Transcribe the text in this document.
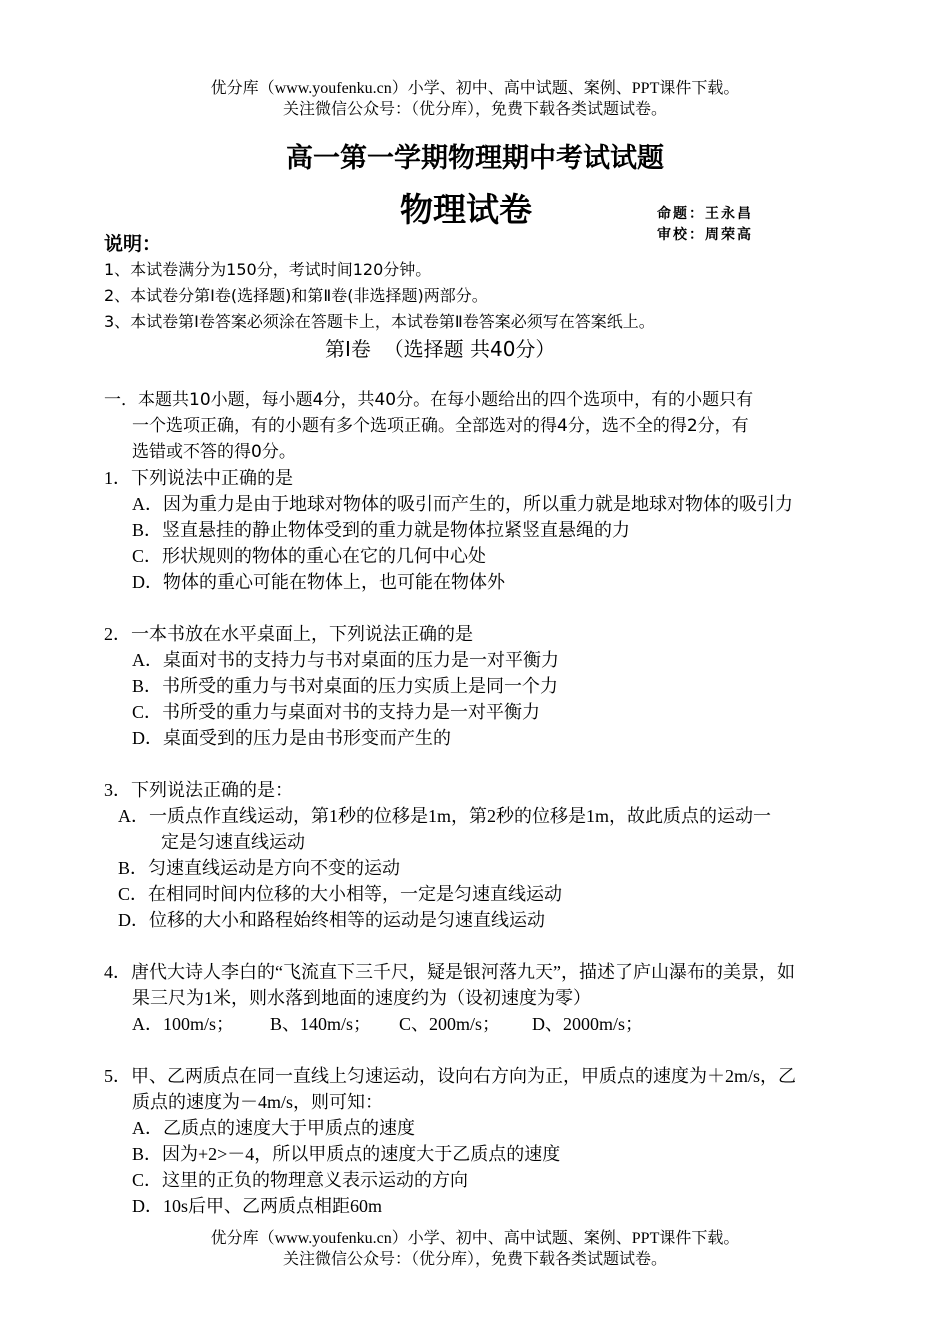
优分库（www.youfenku.cn）小学、初中、高中试题、案例、PPT课件下载。
关注微信公众号：（优分库），免费下载各类试题试卷。
高一第一学期物理期中考试试题
物理试卷	命题：王永昌
审校：周荣高
说明：
1、本试卷满分为150分，考试时间120分钟。
2、本试卷分第Ⅰ卷(选择题)和第Ⅱ卷(非选择题)两部分。
3、本试卷第Ⅰ卷答案必须涂在答题卡上，本试卷第Ⅱ卷答案必须写在答案纸上。
第Ⅰ卷  （选择题 共40分）
一．本题共10小题，每小题4分，共40分。在每小题给出的四个选项中，有的小题只有
一个选项正确，有的小题有多个选项正确。全部选对的得4分，选不全的得2分，有
选错或不答的得0分。
1．下列说法中正确的是
A．因为重力是由于地球对物体的吸引而产生的，所以重力就是地球对物体的吸引力
B．竖直悬挂的静止物体受到的重力就是物体拉紧竖直悬绳的力
C．形状规则的物体的重心在它的几何中心处
D．物体的重心可能在物体上，也可能在物体外
2．一本书放在水平桌面上，下列说法正确的是
A．桌面对书的支持力与书对桌面的压力是一对平衡力
B．书所受的重力与书对桌面的压力实质上是同一个力
C．书所受的重力与桌面对书的支持力是一对平衡力
D．桌面受到的压力是由书形变而产生的
3．下列说法正确的是：
A．一质点作直线运动，第1秒的位移是1m，第2秒的位移是1m，故此质点的运动一
定是匀速直线运动
B．匀速直线运动是方向不变的运动
C．在相同时间内位移的大小相等，一定是匀速直线运动
D．位移的大小和路程始终相等的运动是匀速直线运动
4．唐代大诗人李白的“飞流直下三千尺，疑是银河落九天”，描述了庐山瀑布的美景，如
果三尺为1米，则水落到地面的速度约为（设初速度为零）
A．100m/s； B、140m/s； C、200m/s； D、2000m/s；
5．甲、乙两质点在同一直线上匀速运动，设向右方向为正，甲质点的速度为＋2m/s，乙
质点的速度为－4m/s，则可知：
A．乙质点的速度大于甲质点的速度
B．因为+2>－4，所以甲质点的速度大于乙质点的速度
C．这里的正负的物理意义表示运动的方向
D．10s后甲、乙两质点相距60m
优分库（www.youfenku.cn）小学、初中、高中试题、案例、PPT课件下载。
关注微信公众号：（优分库），免费下载各类试题试卷。
